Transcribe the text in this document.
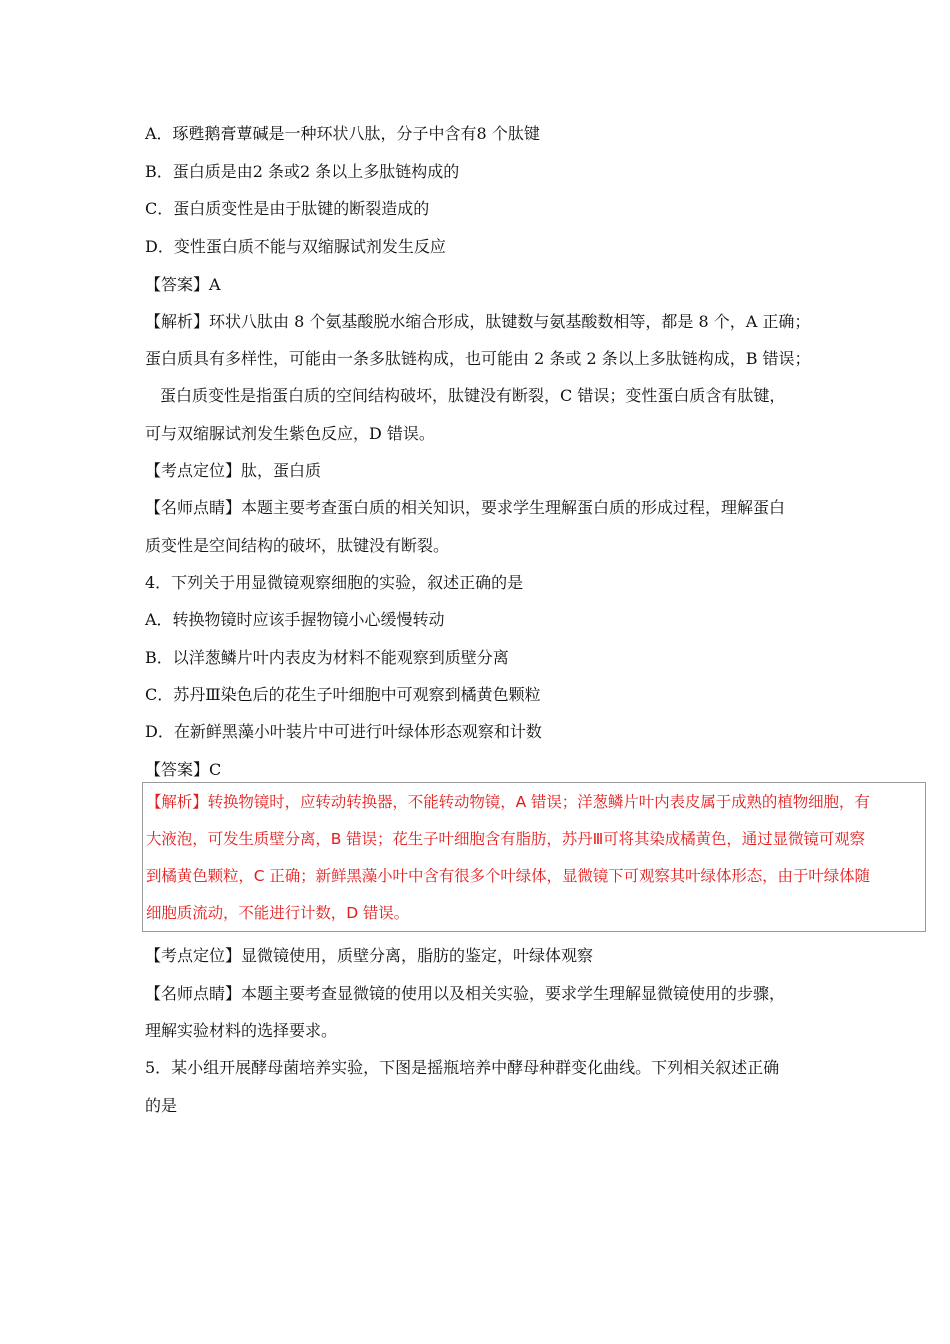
A．琢甦鹅膏蕈碱是一种环状八肽，分子中含有8 个肽键
B．蛋白质是由2 条或2 条以上多肽链构成的
C．蛋白质变性是由于肽键的断裂造成的
D．变性蛋白质不能与双缩脲试剂发生反应
【答案】A
【解析】环状八肽由 8 个氨基酸脱水缩合形成，肽键数与氨基酸数相等，都是 8 个，A 正确；
蛋白质具有多样性，可能由一条多肽链构成，也可能由 2 条或 2 条以上多肽链构成，B 错误；
蛋白质变性是指蛋白质的空间结构破坏，肽键没有断裂，C 错误；变性蛋白质含有肽键，
可与双缩脲试剂发生紫色反应，D 错误。
【考点定位】肽，蛋白质
【名师点睛】本题主要考查蛋白质的相关知识，要求学生理解蛋白质的形成过程，理解蛋白
质变性是空间结构的破坏，肽键没有断裂。
4．下列关于用显微镜观察细胞的实验，叙述正确的是
A．转换物镜时应该手握物镜小心缓慢转动
B．以洋葱鳞片叶内表皮为材料不能观察到质壁分离
C．苏丹Ⅲ染色后的花生子叶细胞中可观察到橘黄色颗粒
D．在新鲜黑藻小叶装片中可进行叶绿体形态观察和计数
【答案】C
【解析】转换物镜时，应转动转换器，不能转动物镜，A 错误；洋葱鳞片叶内表皮属于成熟的植物细胞，有
大液泡，可发生质壁分离，B 错误；花生子叶细胞含有脂肪，苏丹Ⅲ可将其染成橘黄色，通过显微镜可观察
到橘黄色颗粒，C 正确；新鲜黑藻小叶中含有很多个叶绿体，显微镜下可观察其叶绿体形态，由于叶绿体随
细胞质流动，不能进行计数，D 错误。
【考点定位】显微镜使用，质壁分离，脂肪的鉴定，叶绿体观察
【名师点睛】本题主要考查显微镜的使用以及相关实验，要求学生理解显微镜使用的步骤，
理解实验材料的选择要求。
5．某小组开展酵母菌培养实验，下图是摇瓶培养中酵母种群变化曲线。下列相关叙述正确
的是
